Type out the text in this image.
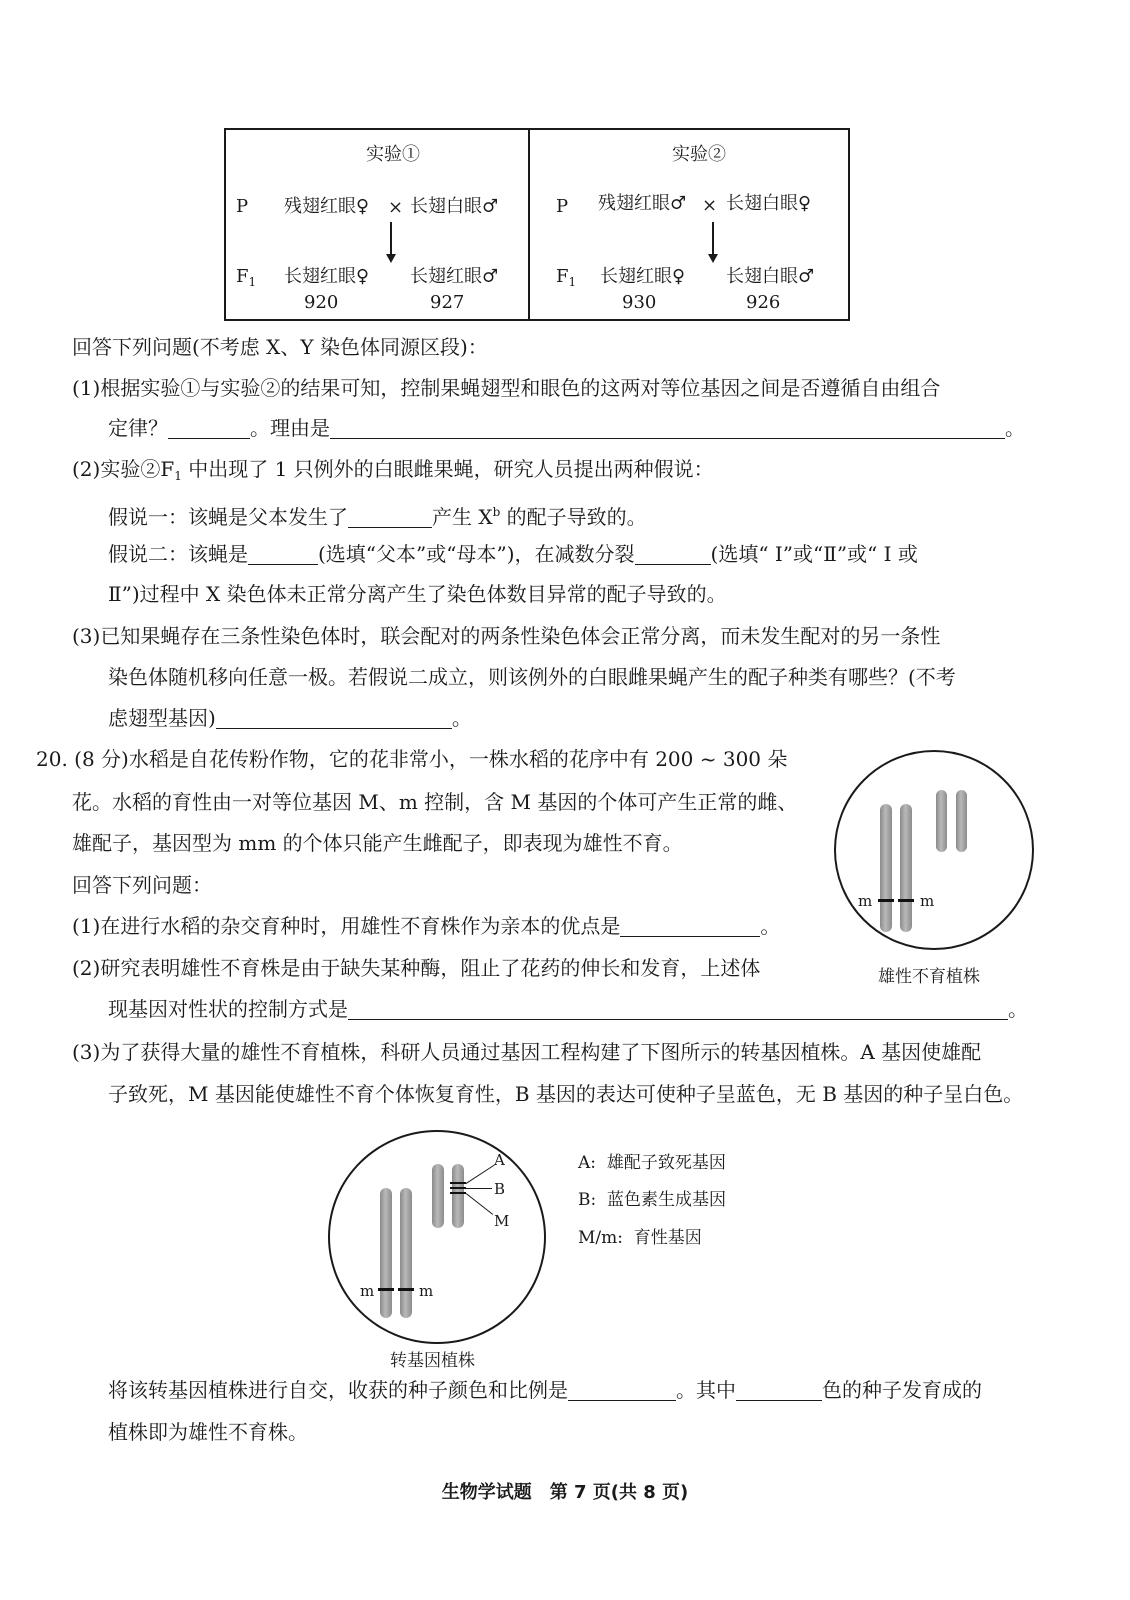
实验①
P 残翅红眼♀ × 长翅白眼♂
$F_1$ 长翅红眼♀ 长翅红眼♂
920	927
实验②
P 残翅红眼♂ × 长翅白眼♀
$F_1$ 长翅红眼♀ 长翅白眼♂
930	926
回答下列问题(不考虑 X、Y 染色体同源区段)：
(1)根据实验①与实验②的结果可知，控制果蝇翅型和眼色的这两对等位基因之间是否遵循自由组合
定律？	。理由是	。
(2)实验$②F_1$ 中出现了 1 只例外的白眼雌果蝇，研究人员提出两种假说：
假说一：该蝇是父本发生了	产生 $X^b$ 的配子导致的。
假说二：该蝇是	(选填“父本”或“母本”)，在减数分裂	(选填“ Ⅰ”或“Ⅱ”或“ Ⅰ 或
Ⅱ”)过程中 X 染色体未正常分离产生了染色体数目异常的配子导致的。
(3)已知果蝇存在三条性染色体时，联会配对的两条性染色体会正常分离，而未发生配对的另一条性
染色体随机移向任意一极。若假说二成立，则该例外的白眼雌果蝇产生的配子种类有哪些？(不考
虑翅型基因)	。
20. (8 分)水稻是自花传粉作物，它的花非常小，一株水稻的花序中有 200 ~ 300 朵
花。水稻的育性由一对等位基因 M、m 控制，含 M 基因的个体可产生正常的雌、
雄配子，基因型为 mm 的个体只能产生雌配子，即表现为雄性不育。
回答下列问题：
(1)在进行水稻的杂交育种时，用雄性不育株作为亲本的优点是	。
(2)研究表明雄性不育株是由于缺失某种酶，阻止了花药的伸长和发育，上述体
现基因对性状的控制方式是	。
(3)为了获得大量的雄性不育植株，科研人员通过基因工程构建了下图所示的转基因植株。A 基因使雄配
子致死，M 基因能使雄性不育个体恢复育性，B 基因的表达可使种子呈蓝色，无 B 基因的种子呈白色。
将该转基因植株进行自交，收获的种子颜色和比例是	。其中	色的种子发育成的
植株即为雄性不育株。
m	m
雄性不育植株
A
B
M
m	m
转基因植株
A: 雄配子致死基因
B: 蓝色素生成基因
M/m: 育性基因
生物学试题　第 7 页(共 8 页)
